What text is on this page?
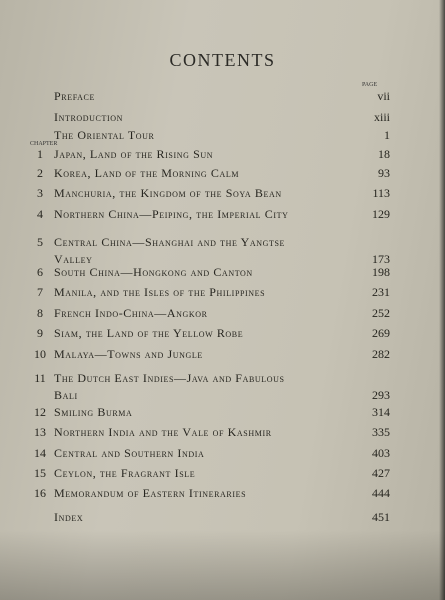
CONTENTS
PAGE
CHAPTER
Preface	vii
Introduction	xiii
The Oriental Tour	1
1 Japan, Land of the Rising Sun	18
2 Korea, Land of the Morning Calm	93
3 Manchuria, the Kingdom of the Soya Bean	113
4 Northern China—Peiping, the Imperial City	129
5 Central China—Shanghai and the Yangtse
Valley	173
6 South China—Hongkong and Canton	198
7 Manila, and the Isles of the Philippines	231
8 French Indo-China—Angkor	252
9 Siam, the Land of the Yellow Robe	269
10 Malaya—Towns and Jungle	282
11 The Dutch East Indies—Java and Fabulous
Bali	293
12 Smiling Burma	314
13 Northern India and the Vale of Kashmir	335
14 Central and Southern India	403
15 Ceylon, the Fragrant Isle	427
16 Memorandum of Eastern Itineraries	444
Index	451
